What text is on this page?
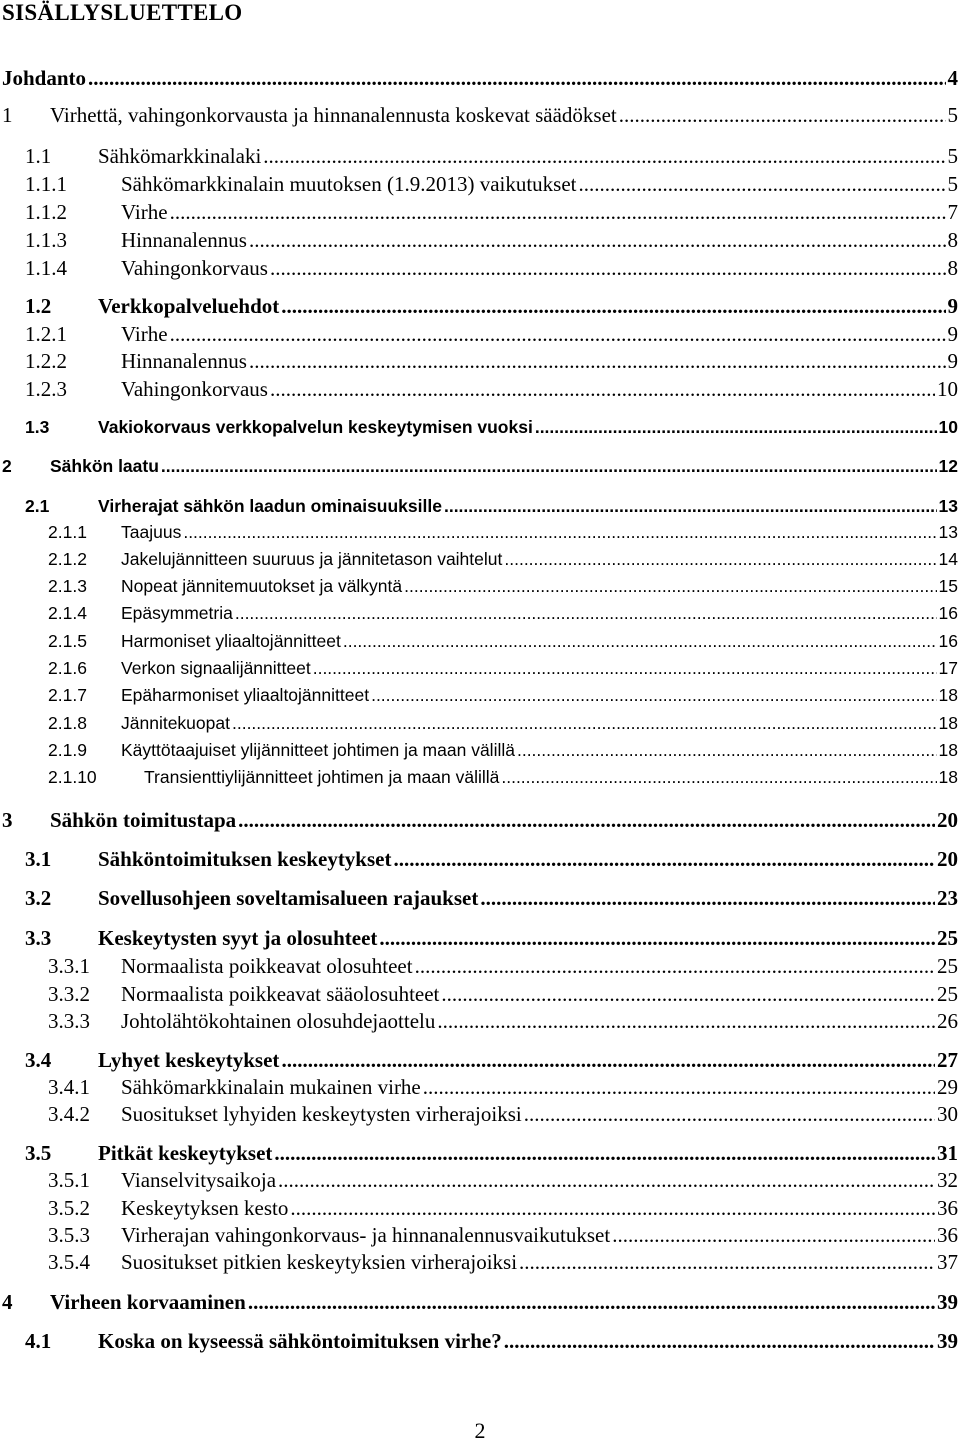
SISÄLLYSLUETTELO
Johdanto .....	4
1	Virhettä, vahingonkorvausta ja hinnanalennusta koskevat säädökset .....	5
1.1	Sähkömarkkinalaki .....	5
1.1.1	Sähkömarkkinalain muutoksen (1.9.2013) vaikutukset .....	5
1.1.2	Virhe .....	7
1.1.3	Hinnanalennus .....	8
1.1.4	Vahingonkorvaus .....	8
1.2	Verkkopalveluehdot .....	9
1.2.1	Virhe .....	9
1.2.2	Hinnanalennus .....	9
1.2.3	Vahingonkorvaus .....	10
1.3	Vakiokorvaus verkkopalvelun keskeytymisen vuoksi .....	10
2	Sähkön laatu .....	12
2.1	Virherajat sähkön laadun ominaisuuksille .....	13
2.1.1	Taajuus .....	13
2.1.2	Jakelujännitteen suuruus ja jännitetason vaihtelut .....	14
2.1.3	Nopeat jännitemuutokset ja välkyntä .....	15
2.1.4	Epäsymmetria .....	16
2.1.5	Harmoniset yliaaltojännitteet .....	16
2.1.6	Verkon signaalijännitteet .....	17
2.1.7	Epäharmoniset yliaaltojännitteet .....	18
2.1.8	Jännitekuopat .....	18
2.1.9	Käyttötaajuiset ylijännitteet johtimen ja maan välillä .....	18
2.1.10	Transienttiylijännitteet johtimen ja maan välillä .....	18
3	Sähkön toimitustapa .....	20
3.1	Sähköntoimituksen keskeytykset .....	20
3.2	Sovellusohjeen soveltamisalueen rajaukset .....	23
3.3	Keskeytysten syyt ja olosuhteet .....	25
3.3.1	Normaalista poikkeavat olosuhteet .....	25
3.3.2	Normaalista poikkeavat sääolosuhteet .....	25
3.3.3	Johtolähtökohtainen olosuhdejaottelu .....	26
3.4	Lyhyet keskeytykset .....	27
3.4.1	Sähkömarkkinalain mukainen virhe .....	29
3.4.2	Suositukset lyhyiden keskeytysten virherajoiksi .....	30
3.5	Pitkät keskeytykset .....	31
3.5.1	Vianselvitysaikoja .....	32
3.5.2	Keskeytyksen kesto .....	36
3.5.3	Virherajan vahingonkorvaus- ja hinnanalennusvaikutukset .....	36
3.5.4	Suositukset pitkien keskeytyksien virherajoiksi .....	37
4	Virheen korvaaminen .....	39
4.1	Koska on kyseessä sähköntoimituksen virhe? .....	39
2
